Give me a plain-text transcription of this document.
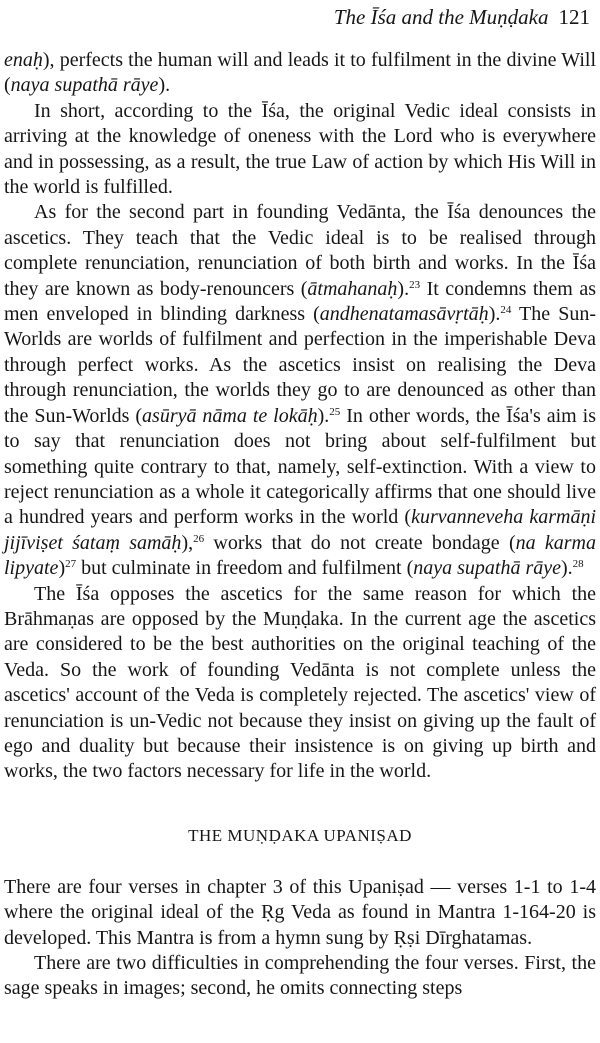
The Īśa and the Muṇḍaka 121

enaḥ), perfects the human will and leads it to fulfilment in the divine Will (naya supathā rāye).

In short, according to the Īśa, the original Vedic ideal consists in arriving at the knowledge of oneness with the Lord who is everywhere and in possessing, as a result, the true Law of action by which His Will in the world is fulfilled.

As for the second part in founding Vedānta, the Īśa denounces the ascetics. They teach that the Vedic ideal is to be realised through complete renunciation, renunciation of both birth and works. In the Īśa they are known as body-renouncers (ātmahanaḥ).$^{23}$ It condemns them as men enveloped in blinding darkness (andhenatamasāvṛtāḥ).$^{24}$ The Sun-Worlds are worlds of fulfilment and perfection in the imperishable Deva through perfect works. As the ascetics insist on realising the Deva through renunciation, the worlds they go to are denounced as other than the Sun-Worlds (asūryā nāma te lokāḥ).$^{25}$ In other words, the Īśa's aim is to say that renunciation does not bring about self-fulfilment but something quite contrary to that, namely, self-extinction. With a view to reject renunciation as a whole it categorically affirms that one should live a hundred years and perform works in the world (kurvanneveha karmāṇi jijīviṣet śataṃ samāḥ),$^{26}$ works that do not create bondage (na karma lipyate)$^{27}$ but culminate in freedom and fulfilment (naya supathā rāye).$^{28}$

The Īśa opposes the ascetics for the same reason for which the Brāhmaṇas are opposed by the Muṇḍaka. In the current age the ascetics are considered to be the best authorities on the original teaching of the Veda. So the work of founding Vedānta is not complete unless the ascetics' account of the Veda is completely rejected. The ascetics' view of renunciation is un-Vedic not because they insist on giving up the fault of ego and duality but because their insistence is on giving up birth and works, the two factors necessary for life in the world.

THE MUṆḌAKA UPANIṢAD

There are four verses in chapter 3 of this Upaniṣad — verses 1-1 to 1-4 where the original ideal of the Ṛg Veda as found in Mantra 1-164-20 is developed. This Mantra is from a hymn sung by Ṛṣi Dīrghatamas.

There are two difficulties in comprehending the four verses. First, the sage speaks in images; second, he omits connecting steps
